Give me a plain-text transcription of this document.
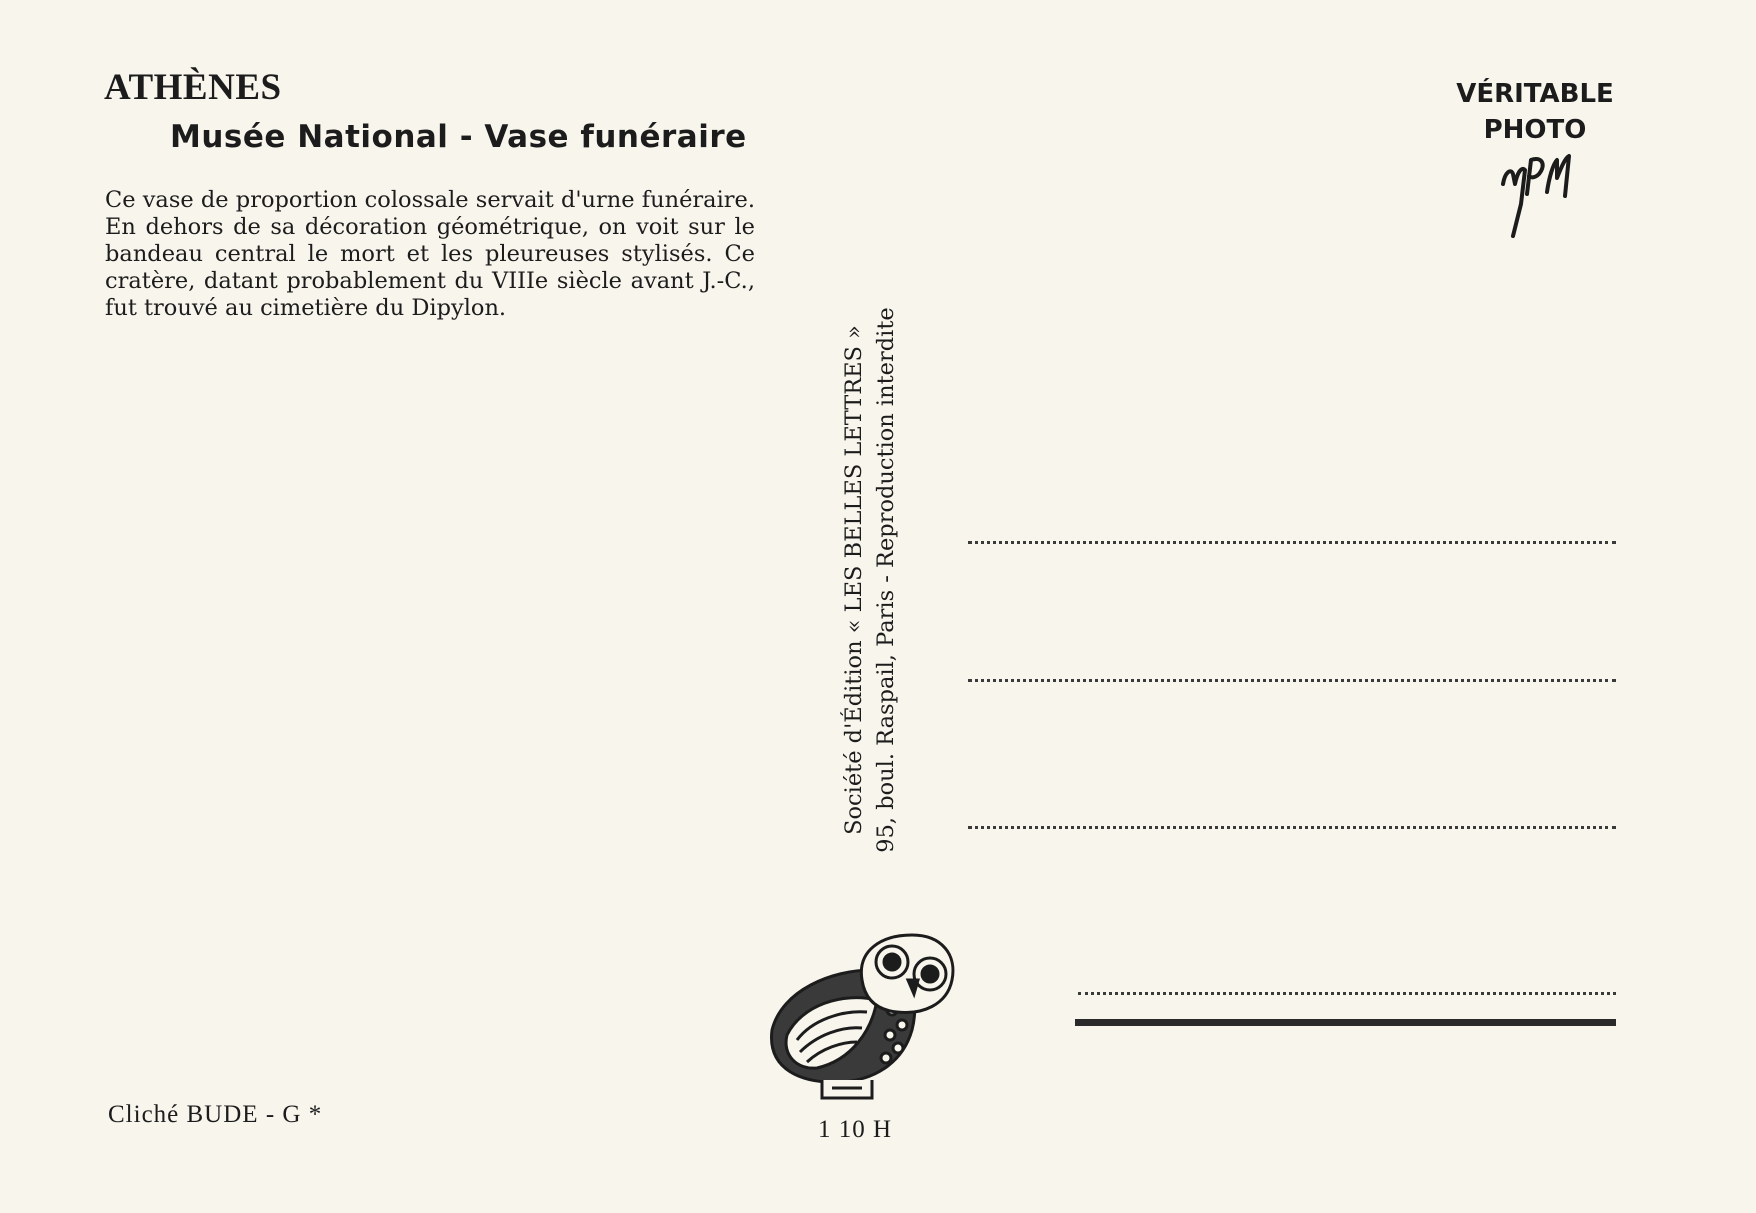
ATHÈNES
Musée National - Vase funéraire

Ce vase de proportion colossale servait d'urne funéraire. En dehors de sa décoration géométrique, on voit sur le bandeau central le mort et les pleureuses stylisés. Ce cratère, datant probablement du VIIIe siècle avant J.-C., fut trouvé au cimetière du Dipylon.

VÉRITABLE
PHOTO
Société d'Édition « LES BELLES LETTRES » 95, boul. Raspail, Paris - Reproduction interdite

Cliché BUDE - G *

1 10 H
